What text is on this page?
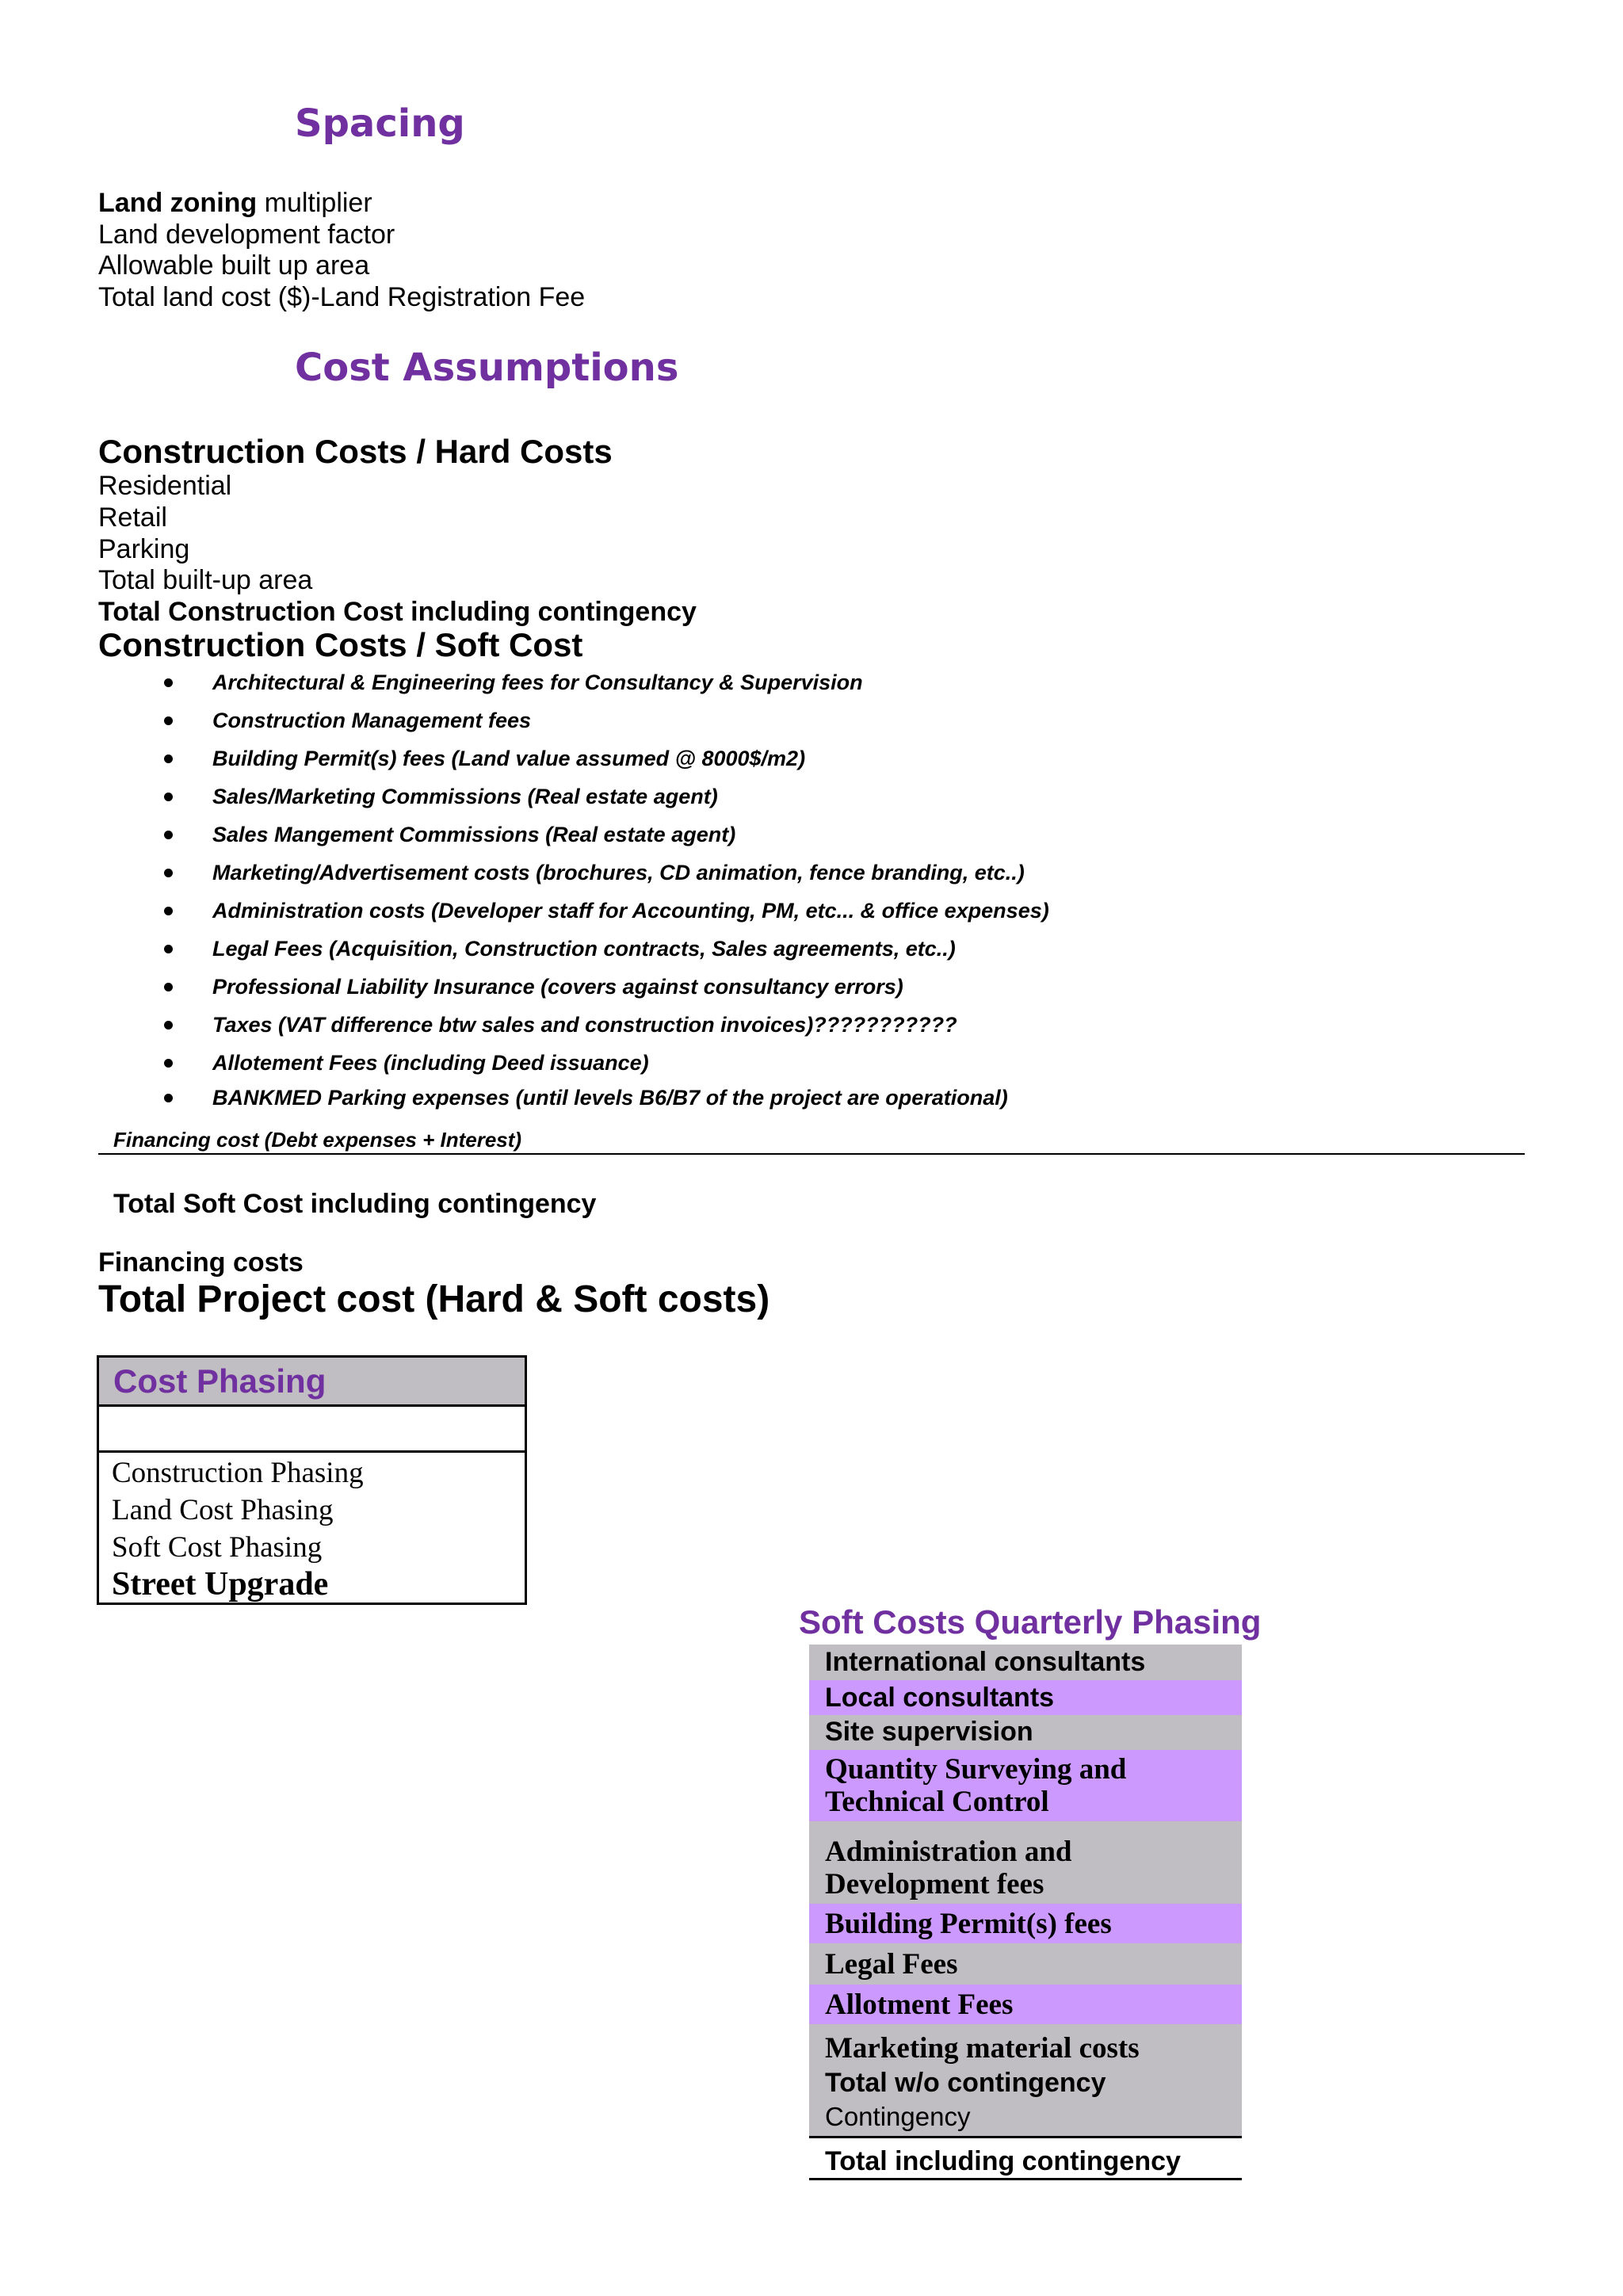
Spacing
Land zoning multiplier
Land development factor
Allowable built up area
Total land cost ($)-Land Registration Fee
Cost Assumptions
Construction Costs / Hard Costs
Residential
Retail
Parking
Total built-up area
Total Construction Cost including contingency
Construction Costs / Soft Cost
Architectural & Engineering fees for Consultancy & Supervision
Construction Management fees
Building Permit(s) fees (Land value assumed @ 8000$/m2)
Sales/Marketing Commissions (Real estate agent)
Sales Mangement Commissions (Real estate agent)
Marketing/Advertisement costs (brochures, CD animation, fence branding, etc..)
Administration costs (Developer staff for Accounting, PM, etc... & office expenses)
Legal Fees (Acquisition, Construction contracts, Sales agreements, etc..)
Professional Liability Insurance (covers against consultancy errors)
Taxes (VAT difference btw sales and construction invoices)???????????
Allotement Fees (including Deed issuance)
BANKMED Parking expenses (until levels B6/B7 of the project are operational)
Financing cost (Debt expenses + Interest)
Total Soft Cost including contingency
Financing costs
Total Project cost (Hard & Soft costs)
Cost Phasing
Construction Phasing
Land Cost Phasing
Soft Cost Phasing
Street Upgrade
Soft Costs Quarterly Phasing
International consultants
Local consultants
Site supervision
Quantity Surveying and
Technical Control
Administration and
Development fees
Building Permit(s) fees
Legal Fees
Allotment Fees
Marketing material costs
Total w/o contingency
Contingency
Total including contingency
